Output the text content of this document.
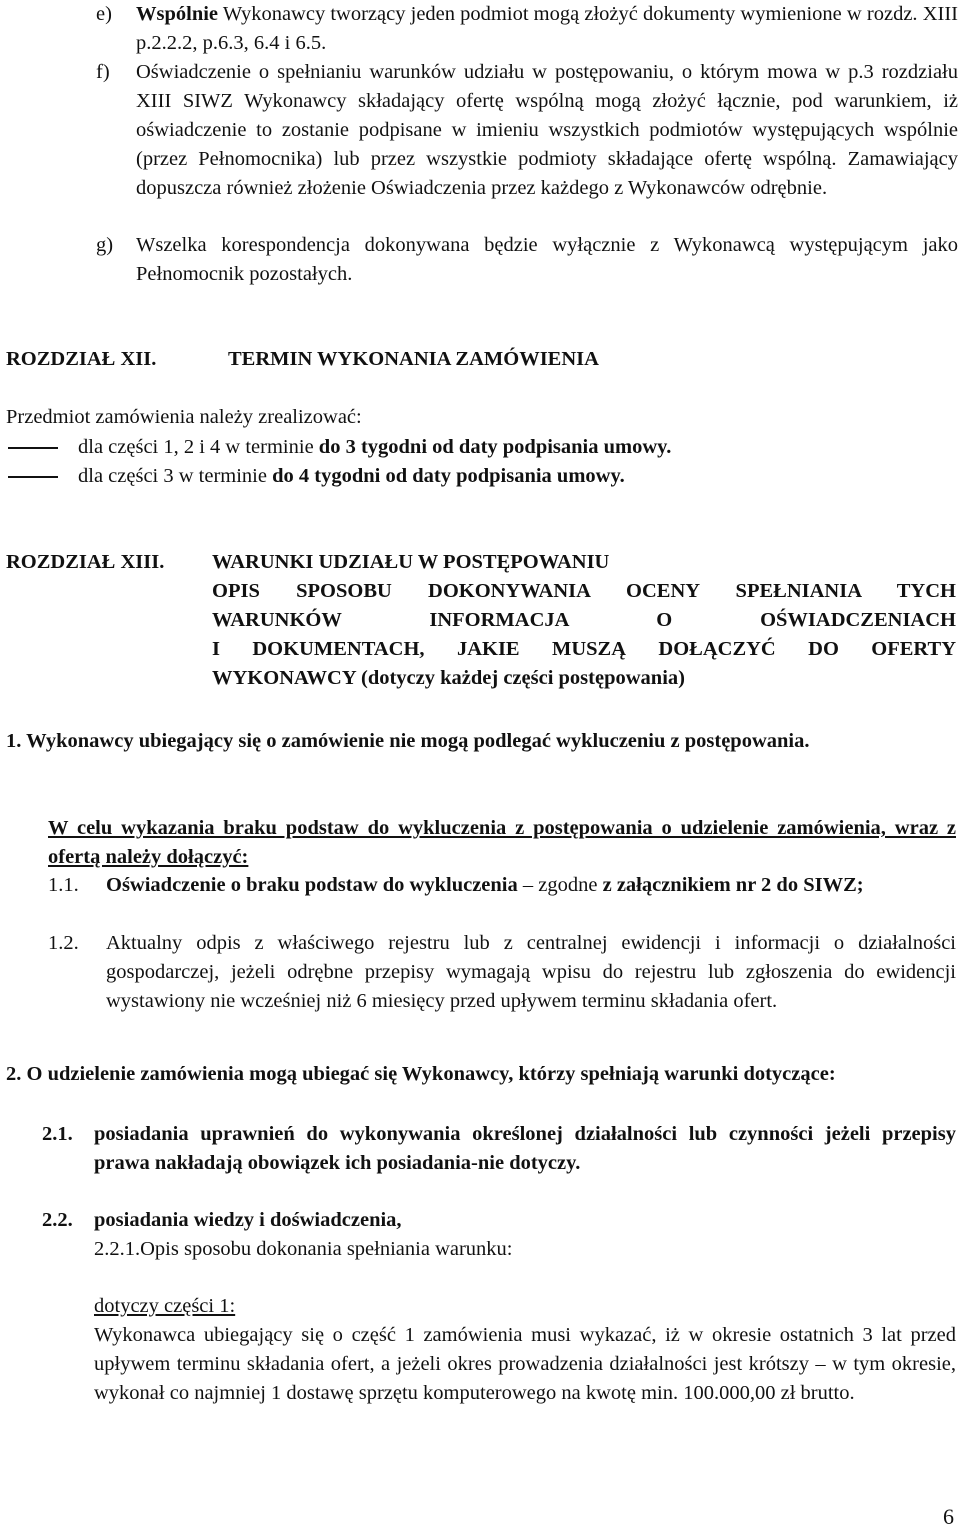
e) Wspólnie Wykonawcy tworzący jeden podmiot mogą złożyć dokumenty wymienione w rozdz. XIII p.2.2.2, p.6.3, 6.4 i 6.5.

f) Oświadczenie o spełnianiu warunków udziału w postępowaniu, o którym mowa w p.3 rozdziału XIII SIWZ Wykonawcy składający ofertę wspólną mogą złożyć łącznie, pod warunkiem, iż oświadczenie to zostanie podpisane w imieniu wszystkich podmiotów występujących wspólnie (przez Pełnomocnika) lub przez wszystkie podmioty składające ofertę wspólną. Zamawiający dopuszcza również złożenie Oświadczenia przez każdego z Wykonawców odrębnie.

g) Wszelka korespondencja dokonywana będzie wyłącznie z Wykonawcą występującym jako Pełnomocnik pozostałych.

ROZDZIAŁ XII.	TERMIN WYKONANIA ZAMÓWIENIA
Przedmiot zamówienia należy zrealizować:
dla części 1, 2 i 4 w terminie do 3 tygodni od daty podpisania umowy.
dla części 3 w terminie do 4 tygodni od daty podpisania umowy.
ROZDZIAŁ XIII. WARUNKI UDZIAŁU W POSTĘPOWANIU
OPIS SPOSOBU DOKONYWANIA OCENY SPEŁNIANIA TYCH
WARUNKÓW INFORMACJA O OŚWIADCZENIACH
I DOKUMENTACH, JAKIE MUSZĄ DOŁĄCZYĆ DO OFERTY
WYKONAWCY (dotyczy każdej części postępowania)

1. Wykonawcy ubiegający się o zamówienie nie mogą podlegać wykluczeniu z postępowania.

W celu wykazania braku podstaw do wykluczenia z postępowania o udzielenie zamówienia, wraz z ofertą należy dołączyć:

1.1. Oświadczenie o braku podstaw do wykluczenia – zgodne z załącznikiem nr 2 do SIWZ;

1.2. Aktualny odpis z właściwego rejestru lub z centralnej ewidencji i informacji o działalności gospodarczej, jeżeli odrębne przepisy wymagają wpisu do rejestru lub zgłoszenia do ewidencji wystawiony nie wcześniej niż 6 miesięcy przed upływem terminu składania ofert.

2. O udzielenie zamówienia mogą ubiegać się Wykonawcy, którzy spełniają warunki dotyczące:

2.1. posiadania uprawnień do wykonywania określonej działalności lub czynności jeżeli przepisy prawa nakładają obowiązek ich posiadania-nie dotyczy.

2.2. posiadania wiedzy i doświadczenia,
2.2.1.Opis sposobu dokonania spełniania warunku:
dotyczy części 1:

Wykonawca ubiegający się o część 1 zamówienia musi wykazać, iż w okresie ostatnich 3 lat przed upływem terminu składania ofert, a jeżeli okres prowadzenia działalności jest krótszy – w tym okresie, wykonał co najmniej 1 dostawę sprzętu komputerowego na kwotę min. 100.000,00 zł brutto.

6
